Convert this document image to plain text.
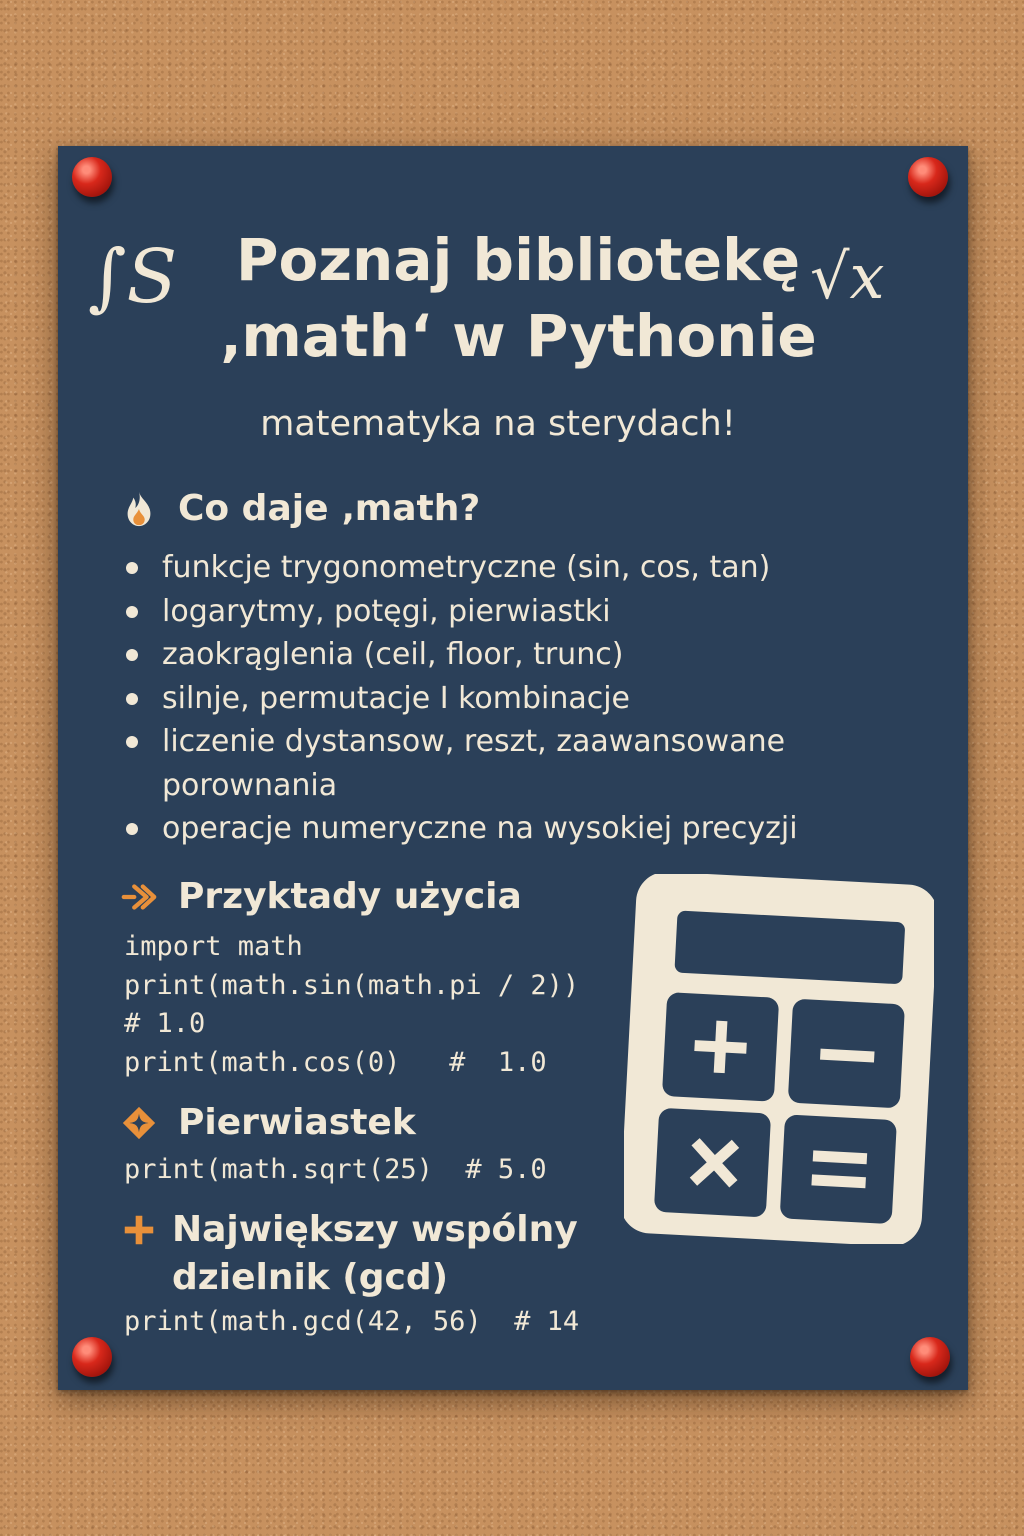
∫S	√x
Poznaj bibliotekę
‚math‘ w Pythonie

matematyka na sterydach!

Co daje ‚math?
funkcje trygonometryczne (sin, cos, tan)
logarytmy, potęgi, pierwiastki
zaokrąglenia (ceil, floor, trunc)
silnje, permutacje I kombinacje
liczenie dystansow, reszt, zaawansowane porownania
operacje numeryczne na wysokiej precyzji
Przyktady użycia
import math
print(math.sin(math.pi / 2))
# 1.0
print(math.cos(0)   #  1.0
Pierwiastek
print(math.sqrt(25)  # 5.0
Największy wspólny
dzielnik (gcd)
print(math.gcd(42, 56)  # 14
